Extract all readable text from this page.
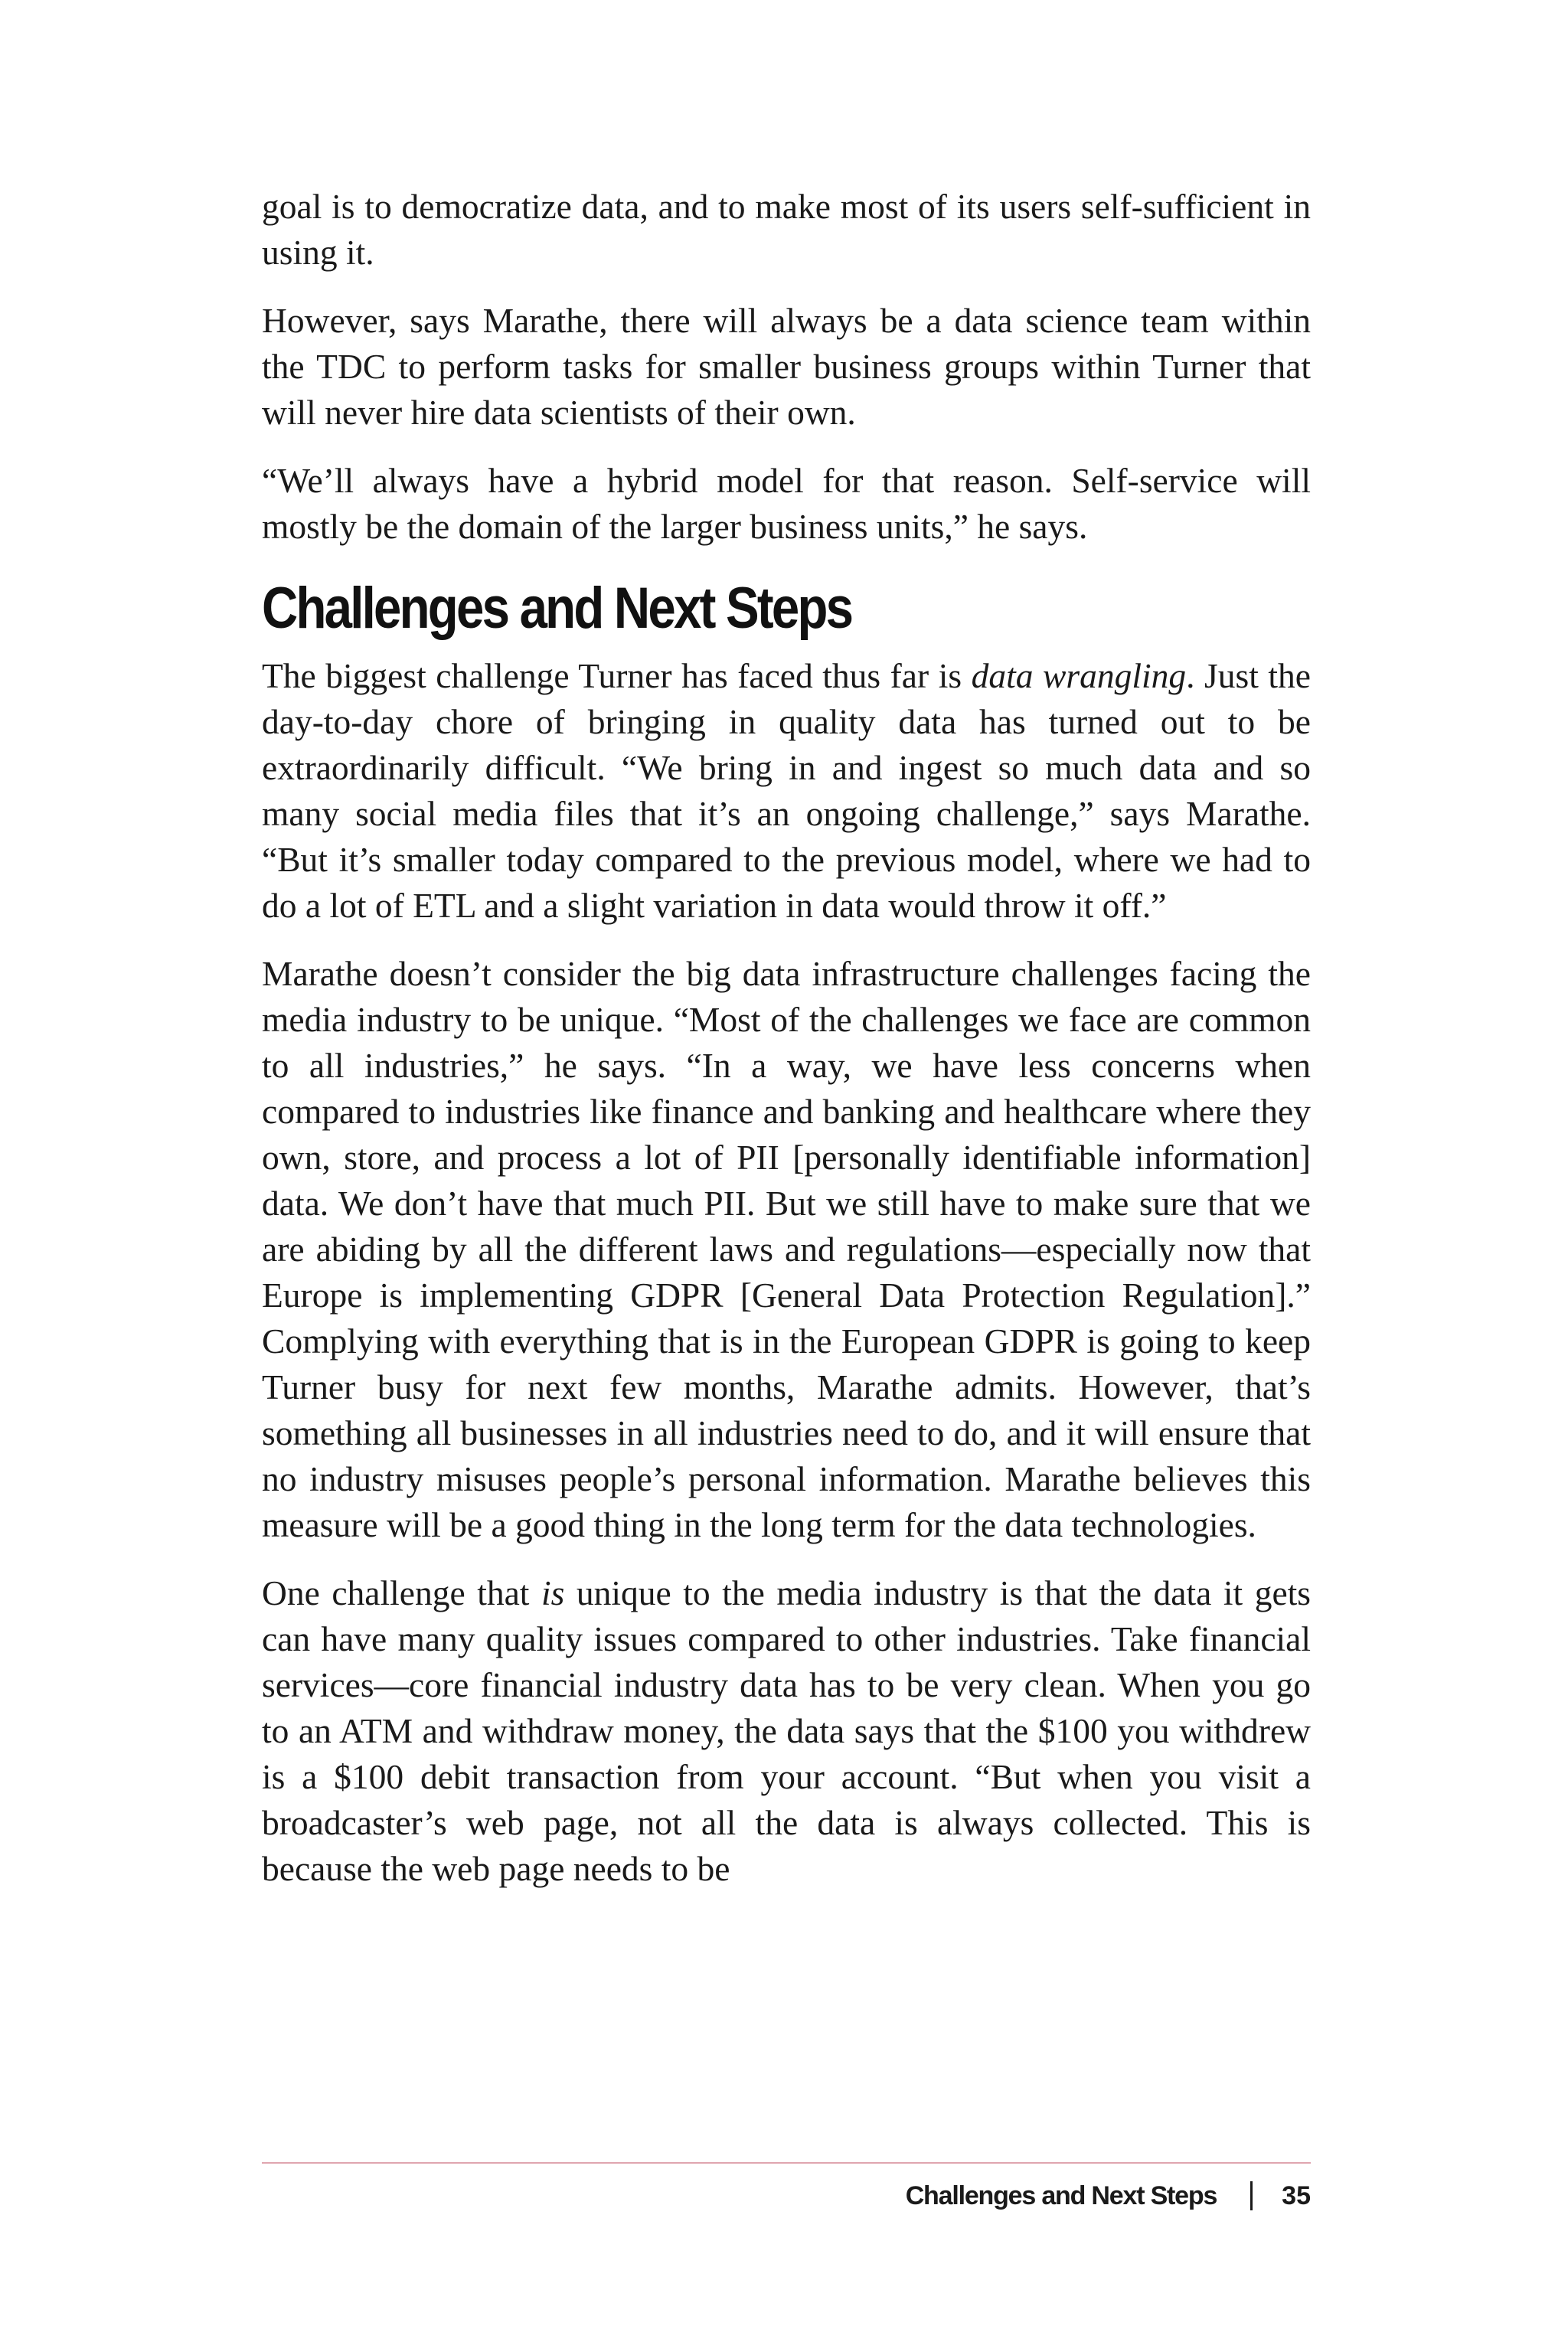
goal is to democratize data, and to make most of its users self-sufficient in using it.

However, says Marathe, there will always be a data science team within the TDC to perform tasks for smaller business groups within Turner that will never hire data scientists of their own.

“We’ll always have a hybrid model for that reason. Self-service will mostly be the domain of the larger business units,” he says.

Challenges and Next Steps

The biggest challenge Turner has faced thus far is data wrangling. Just the day-to-day chore of bringing in quality data has turned out to be extraordinarily difficult. “We bring in and ingest so much data and so many social media files that it’s an ongoing challenge,” says Marathe. “But it’s smaller today compared to the previous model, where we had to do a lot of ETL and a slight variation in data would throw it off.”

Marathe doesn’t consider the big data infrastructure challenges facing the media industry to be unique. “Most of the challenges we face are common to all industries,” he says. “In a way, we have less concerns when compared to industries like finance and banking and healthcare where they own, store, and process a lot of PII [personally identifiable information] data. We don’t have that much PII. But we still have to make sure that we are abiding by all the different laws and regulations—especially now that Europe is implementing GDPR [General Data Protection Regulation].” Complying with everything that is in the European GDPR is going to keep Turner busy for next few months, Marathe admits. However, that’s something all businesses in all industries need to do, and it will ensure that no industry misuses people’s personal information. Marathe believes this measure will be a good thing in the long term for the data technologies.

One challenge that is unique to the media industry is that the data it gets can have many quality issues compared to other industries. Take financial services—core financial industry data has to be very clean. When you go to an ATM and withdraw money, the data says that the $100 you withdrew is a $100 debit transaction from your account. “But when you visit a broadcaster’s web page, not all the data is always collected. This is because the web page needs to be

Challenges and Next Steps	35
